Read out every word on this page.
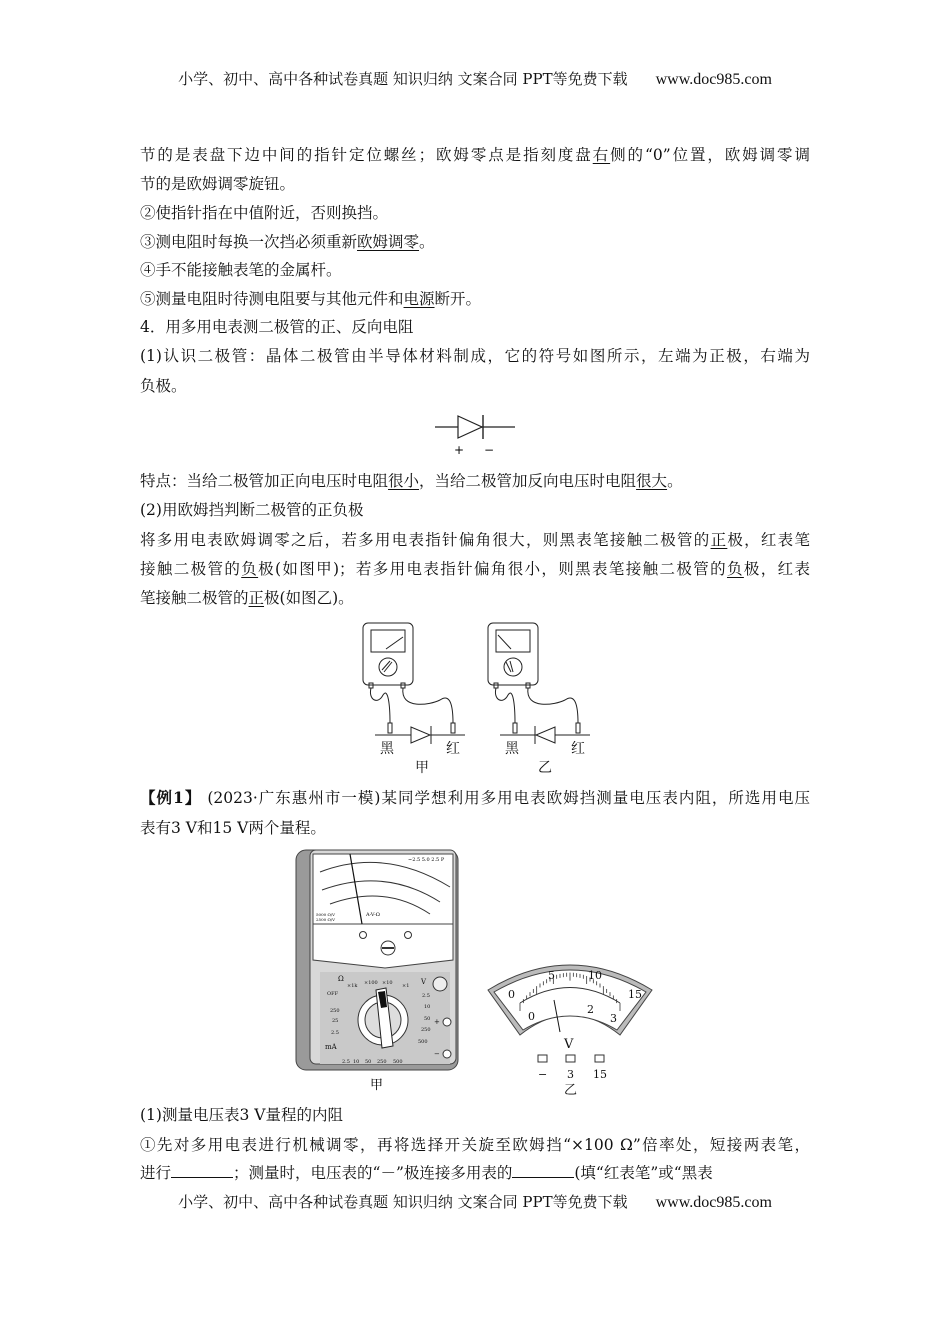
小学、初中、高中各种试卷真题 知识归纳 文案合同 PPT等免费下载 www.doc985.com
节的是表盘下边中间的指针定位螺丝；欧姆零点是指刻度盘右侧的“0”位置，欧姆调零调
节的是欧姆调零旋钮。
②使指针指在中值附近，否则换挡。
③测电阻时每换一次挡必须重新欧姆调零。
④手不能接触表笔的金属杆。
⑤测量电阻时待测电阻要与其他元件和电源断开。
4．用多用电表测二极管的正、反向电阻
(1)认识二极管：晶体二极管由半导体材料制成，它的符号如图所示，左端为正极，右端为
负极。
+ −
特点：当给二极管加正向电压时电阻很小，当给二极管加反向电压时电阻很大。
(2)用欧姆挡判断二极管的正负极
将多用电表欧姆调零之后，若多用电表指针偏角很大，则黑表笔接触二极管的正极，红表笔
接触二极管的负极(如图甲)；若多用电表指针偏角很小，则黑表笔接触二极管的负极，红表
笔接触二极管的正极(如图乙)。
黑	红	黑	红
甲	乙
【例1】 (2023·广东惠州市一模)某同学想利用多用电表欧姆挡测量电压表内阻，所选用电压
表有3 V和15 V两个量程。
A-V-Ω
5000 Ω/V
2500 Ω/V
~2.5 5.0 2.5 P
Ω
×1k ×100 ×10 ×1
OFF
250
25
2.5
mA
V
2.5
10
50
250
500
2.5 10 50 250 500
+
−
甲
0
5	10
15
0
2
3
V
− 3 15
乙
(1)测量电压表3 V量程的内阻
①先对多用电表进行机械调零，再将选择开关旋至欧姆挡“×100 Ω”倍率处，短接两表笔，
进行	；测量时，电压表的“－”极连接多用表的	(填“红表笔”或“黑表
小学、初中、高中各种试卷真题 知识归纳 文案合同 PPT等免费下载 www.doc985.com
